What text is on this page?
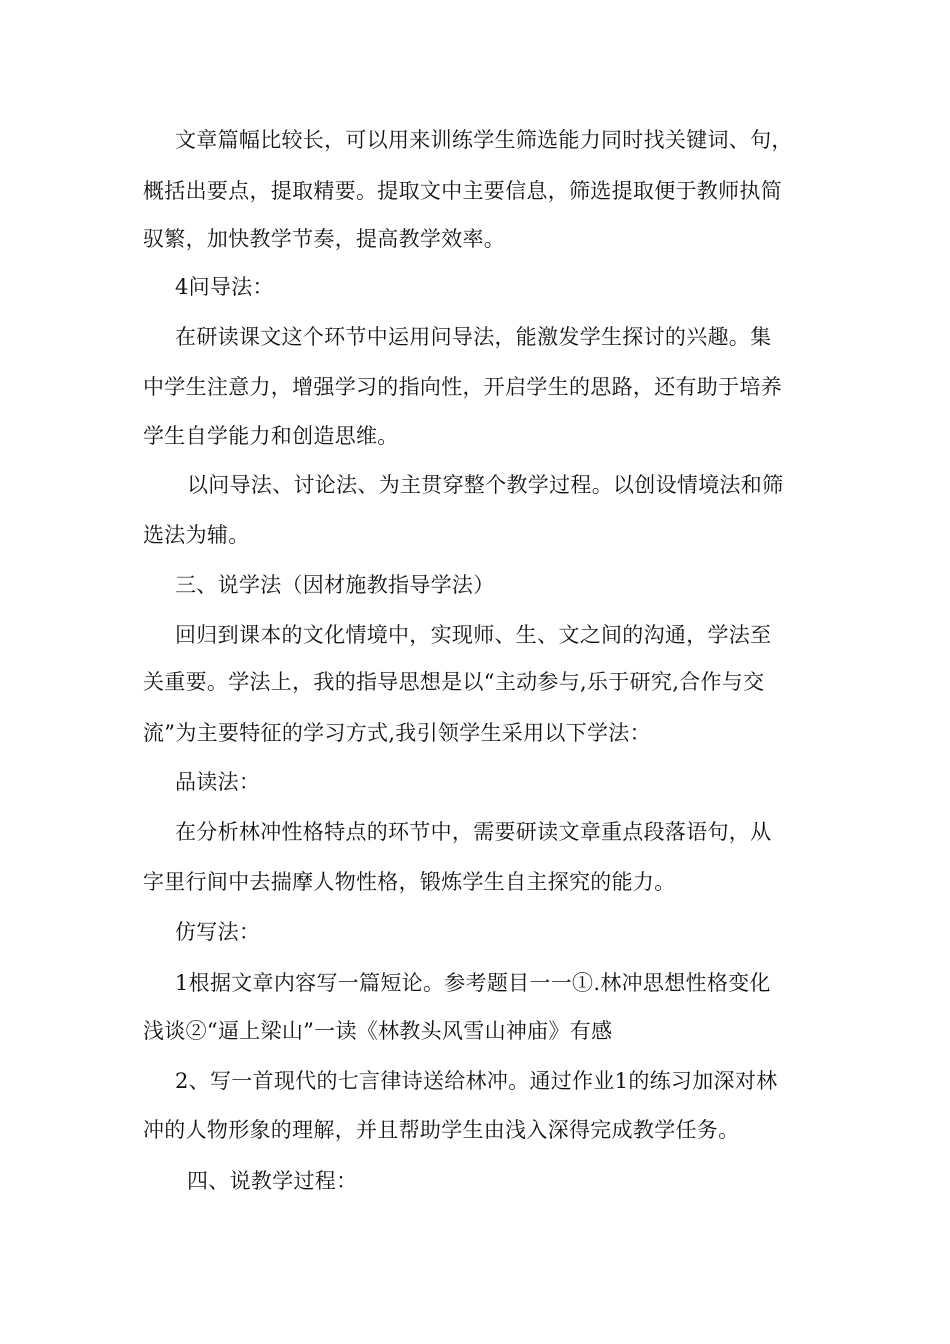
文章篇幅比较长，可以用来训练学生筛选能力同时找关键词、句，
概括出要点，提取精要。提取文中主要信息，筛选提取便于教师执简
驭繁，加快教学节奏，提高教学效率。
4问导法：
在研读课文这个环节中运用问导法，能激发学生探讨的兴趣。集
中学生注意力，增强学习的指向性，开启学生的思路，还有助于培养
学生自学能力和创造思维。
以问导法、讨论法、为主贯穿整个教学过程。以创设情境法和筛
选法为辅。
三、说学法（因材施教指导学法）
回归到课本的文化情境中，实现师、生、文之间的沟通，学法至
关重要。学法上，我的指导思想是以“主动参与,乐于研究,合作与交
流”为主要特征的学习方式,我引领学生采用以下学法：
品读法：
在分析林冲性格特点的环节中，需要研读文章重点段落语句，从
字里行间中去揣摩人物性格，锻炼学生自主探究的能力。
仿写法：
1根据文章内容写一篇短论。参考题目一一①.林冲思想性格变化
浅谈②“逼上梁山”一读《林教头风雪山神庙》有感
2、写一首现代的七言律诗送给林冲。通过作业1的练习加深对林
冲的人物形象的理解，并且帮助学生由浅入深得完成教学任务。
四、说教学过程：
